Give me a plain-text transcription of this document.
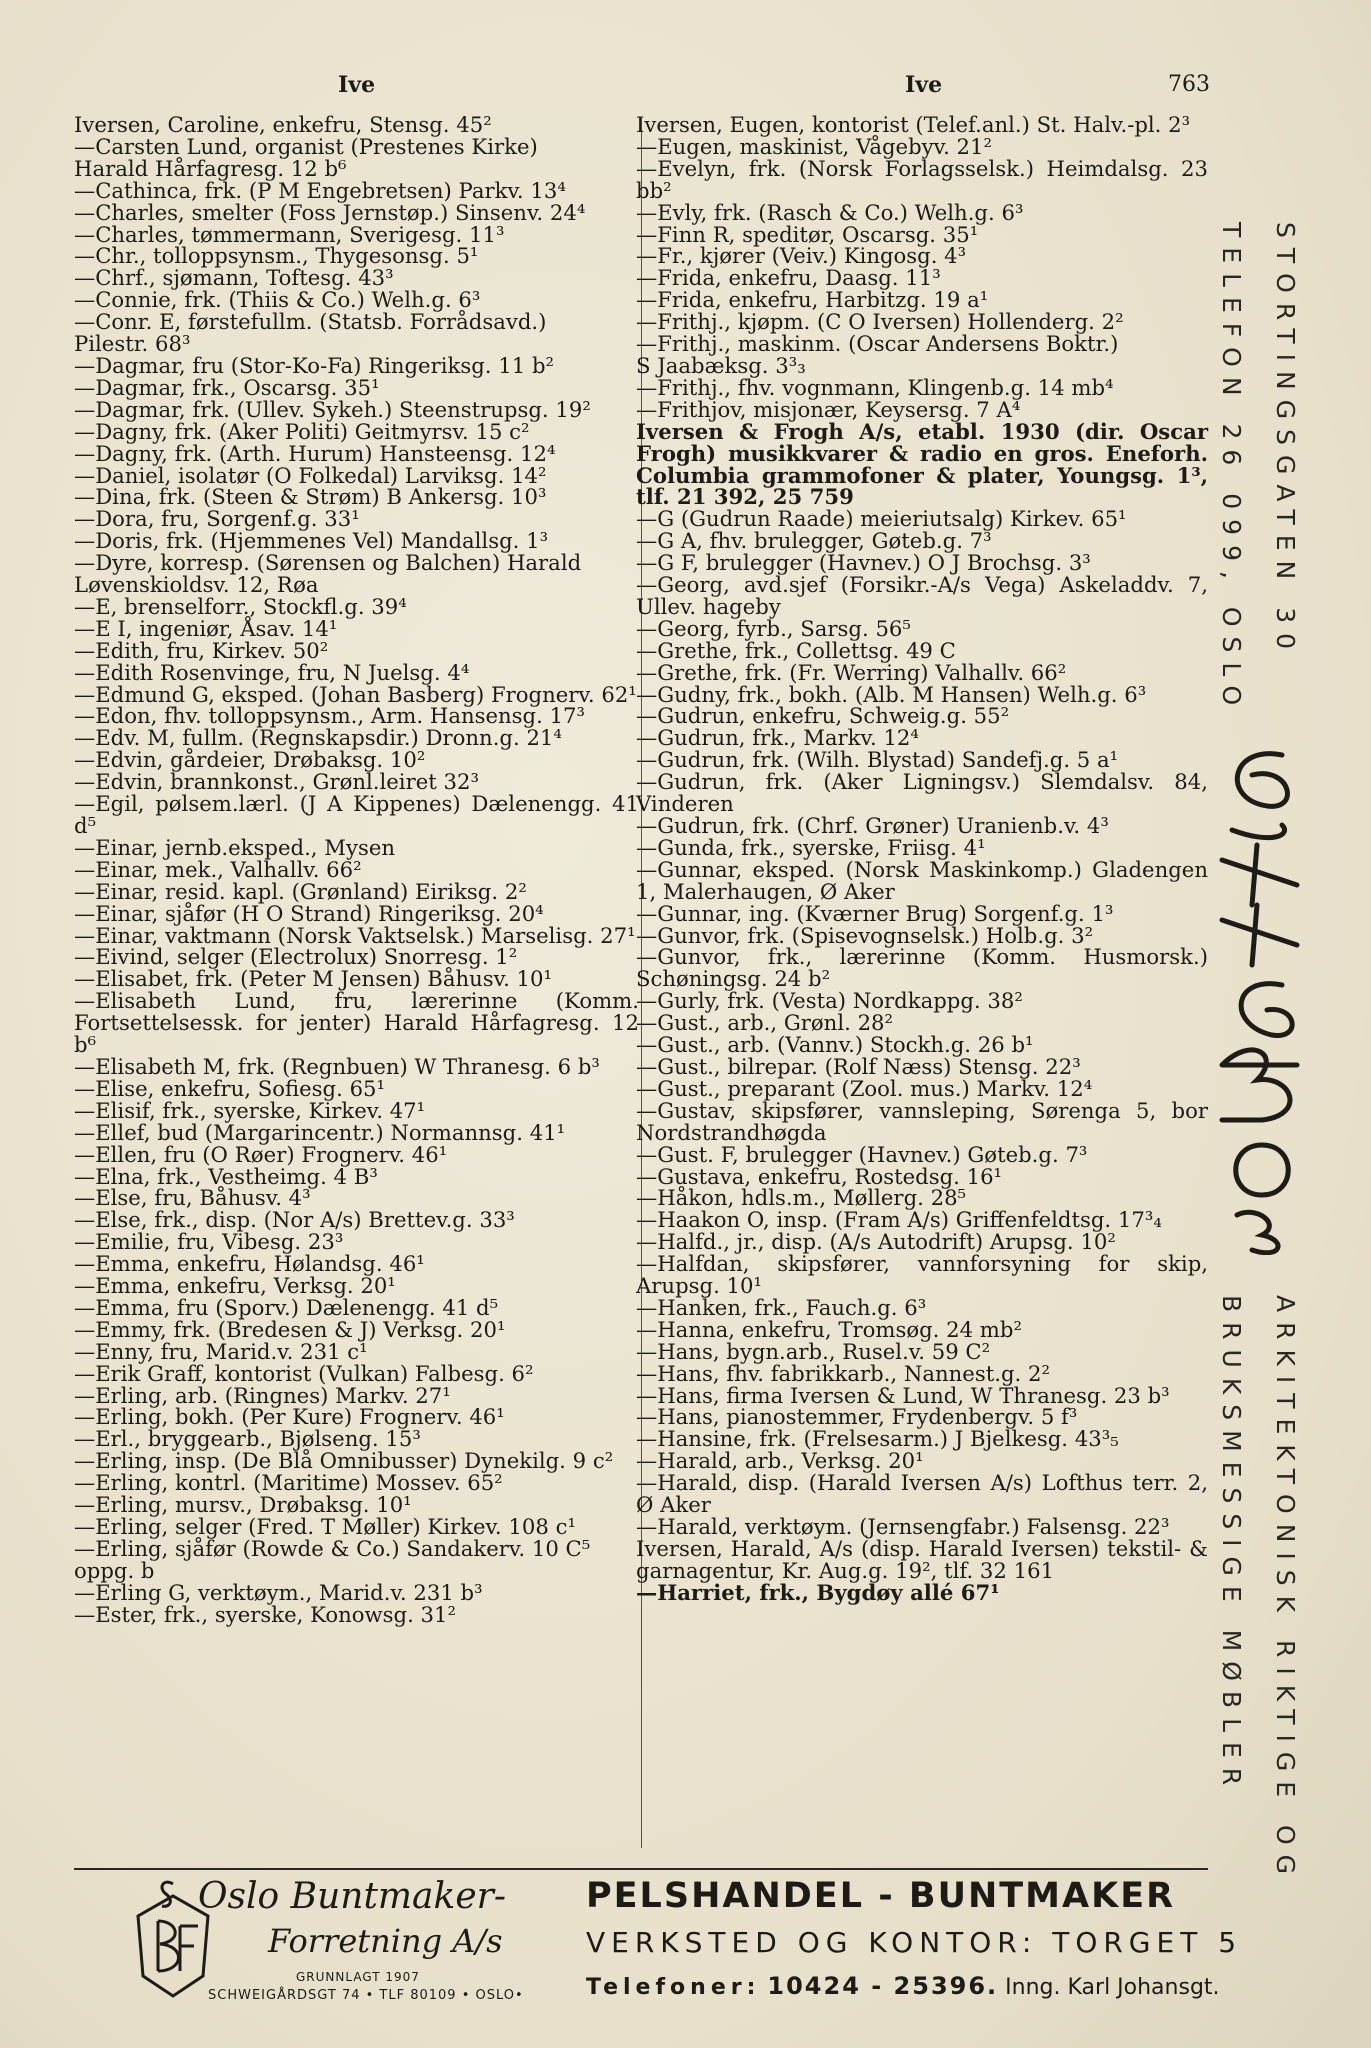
Ive	Ive	763
Iversen, Caroline, enkefru, Stensg. 45²
—Carsten Lund, organist (Prestenes Kirke)
Harald Hårfagresg. 12 b⁶
—Cathinca, frk. (P M Engebretsen) Parkv. 13⁴
—Charles, smelter (Foss Jernstøp.) Sinsenv. 24⁴
—Charles, tømmermann, Sverigesg. 11³
—Chr., tolloppsynsm., Thygesonsg. 5¹
—Chrf., sjømann, Toftesg. 43³
—Connie, frk. (Thiis & Co.) Welh.g. 6³
—Conr. E, førstefullm. (Statsb. Forrådsavd.)
Pilestr. 68³
—Dagmar, fru (Stor-Ko-Fa) Ringeriksg. 11 b²
—Dagmar, frk., Oscarsg. 35¹
—Dagmar, frk. (Ullev. Sykeh.) Steenstrupsg. 19²
—Dagny, frk. (Aker Politi) Geitmyrsv. 15 c²
—Dagny, frk. (Arth. Hurum) Hansteensg. 12⁴
—Daniel, isolatør (O Folkedal) Larviksg. 14²
—Dina, frk. (Steen & Strøm) B Ankersg. 10³
—Dora, fru, Sorgenf.g. 33¹
—Doris, frk. (Hjemmenes Vel) Mandallsg. 1³
—Dyre, korresp. (Sørensen og Balchen) Harald
Løvenskioldsv. 12, Røa
—E, brenselforr., Stockfl.g. 39⁴
—E I, ingeniør, Åsav. 14¹
—Edith, fru, Kirkev. 50²
—Edith Rosenvinge, fru, N Juelsg. 4⁴
—Edmund G, eksped. (Johan Basberg) Frognerv. 62¹
—Edon, fhv. tolloppsynsm., Arm. Hansensg. 17³
—Edv. M, fullm. (Regnskapsdir.) Dronn.g. 21⁴
—Edvin, gårdeier, Drøbaksg. 10²
—Edvin, brannkonst., Grønl.leiret 32³
—Egil, pølsem.lærl. (J A Kippenes) Dælenengg. 41 d⁵
—Einar, jernb.eksped., Mysen
—Einar, mek., Valhallv. 66²
—Einar, resid. kapl. (Grønland) Eiriksg. 2²
—Einar, sjåfør (H O Strand) Ringeriksg. 20⁴
—Einar, vaktmann (Norsk Vaktselsk.) Marselisg. 27¹
—Eivind, selger (Electrolux) Snorresg. 1²
—Elisabet, frk. (Peter M Jensen) Båhusv. 10¹
—Elisabeth Lund, fru, lærerinne (Komm. Fortsettelsessk. for jenter) Harald Hårfagresg. 12 b⁶
—Elisabeth M, frk. (Regnbuen) W Thranesg. 6 b³
—Elise, enkefru, Sofiesg. 65¹
—Elisif, frk., syerske, Kirkev. 47¹
—Ellef, bud (Margarincentr.) Normannsg. 41¹
—Ellen, fru (O Røer) Frognerv. 46¹
—Elna, frk., Vestheimg. 4 B³
—Else, fru, Båhusv. 4³
—Else, frk., disp. (Nor A/s) Brettev.g. 33³
—Emilie, fru, Vibesg. 23³
—Emma, enkefru, Hølandsg. 46¹
—Emma, enkefru, Verksg. 20¹
—Emma, fru (Sporv.) Dælenengg. 41 d⁵
—Emmy, frk. (Bredesen & J) Verksg. 20¹
—Enny, fru, Marid.v. 231 c¹
—Erik Graff, kontorist (Vulkan) Falbesg. 6²
—Erling, arb. (Ringnes) Markv. 27¹
—Erling, bokh. (Per Kure) Frognerv. 46¹
—Erl., bryggearb., Bjølseng. 15³
—Erling, insp. (De Blå Omnibusser) Dynekilg. 9 c²
—Erling, kontrl. (Maritime) Mossev. 65²
—Erling, mursv., Drøbaksg. 10¹
—Erling, selger (Fred. T Møller) Kirkev. 108 c¹
—Erling, sjåfør (Rowde & Co.) Sandakerv. 10 C⁵
oppg. b
—Erling G, verktøym., Marid.v. 231 b³
—Ester, frk., syerske, Konowsg. 31²
Iversen, Eugen, kontorist (Telef.anl.) St. Halv.-pl. 2³
—Eugen, maskinist, Vågebyv. 21²
—Evelyn, frk. (Norsk Forlagsselsk.) Heimdalsg. 23 bb²
—Evly, frk. (Rasch & Co.) Welh.g. 6³
—Finn R, speditør, Oscarsg. 35¹
—Fr., kjører (Veiv.) Kingosg. 4³
—Frida, enkefru, Daasg. 11³
—Frida, enkefru, Harbitzg. 19 a¹
—Frithj., kjøpm. (C O Iversen) Hollenderg. 2²
—Frithj., maskinm. (Oscar Andersens Boktr.)
S Jaabæksg. 3³₃
—Frithj., fhv. vognmann, Klingenb.g. 14 mb⁴
—Frithjov, misjonær, Keysersg. 7 A⁴
Iversen & Frogh A/s, etabl. 1930 (dir. Oscar Frogh) musikkvarer & radio en gros. Eneforh. Columbia grammofoner & plater, Youngsg. 1³, tlf. 21 392, 25 759
—G (Gudrun Raade) meieriutsalg) Kirkev. 65¹
—G A, fhv. brulegger, Gøteb.g. 7³
—G F, brulegger (Havnev.) O J Brochsg. 3³
—Georg, avd.sjef (Forsikr.-A/s Vega) Askeladdv. 7, Ullev. hageby
—Georg, fyrb., Sarsg. 56⁵
—Grethe, frk., Collettsg. 49 C
—Grethe, frk. (Fr. Werring) Valhallv. 66²
—Gudny, frk., bokh. (Alb. M Hansen) Welh.g. 6³
—Gudrun, enkefru, Schweig.g. 55²
—Gudrun, frk., Markv. 12⁴
—Gudrun, frk. (Wilh. Blystad) Sandefj.g. 5 a¹
—Gudrun, frk. (Aker Ligningsv.) Slemdalsv. 84, Vinderen
—Gudrun, frk. (Chrf. Grøner) Uranienb.v. 4³
—Gunda, frk., syerske, Friisg. 4¹
—Gunnar, eksped. (Norsk Maskinkomp.) Gladengen 1, Malerhaugen, Ø Aker
—Gunnar, ing. (Kværner Brug) Sorgenf.g. 1³
—Gunvor, frk. (Spisevognselsk.) Holb.g. 3²
—Gunvor, frk., lærerinne (Komm. Husmorsk.) Schøningsg. 24 b²
—Gurly, frk. (Vesta) Nordkappg. 38²
—Gust., arb., Grønl. 28²
—Gust., arb. (Vannv.) Stockh.g. 26 b¹
—Gust., bilrepar. (Rolf Næss) Stensg. 22³
—Gust., preparant (Zool. mus.) Markv. 12⁴
—Gustav, skipsfører, vannsleping, Sørenga 5, bor Nordstrandhøgda
—Gust. F, brulegger (Havnev.) Gøteb.g. 7³
—Gustava, enkefru, Rostedsg. 16¹
—Håkon, hdls.m., Møllerg. 28⁵
—Haakon O, insp. (Fram A/s) Griffenfeldtsg. 17³₄
—Halfd., jr., disp. (A/s Autodrift) Arupsg. 10²
—Halfdan, skipsfører, vannforsyning for skip, Arupsg. 10¹
—Hanken, frk., Fauch.g. 6³
—Hanna, enkefru, Tromsøg. 24 mb²
—Hans, bygn.arb., Rusel.v. 59 C²
—Hans, fhv. fabrikkarb., Nannest.g. 2²
—Hans, firma Iversen & Lund, W Thranesg. 23 b³
—Hans, pianostemmer, Frydenbergv. 5 f³
—Hansine, frk. (Frelsesarm.) J Bjelkesg. 43³₅
—Harald, arb., Verksg. 20¹
—Harald, disp. (Harald Iversen A/s) Lofthus terr. 2, Ø Aker
—Harald, verktøym. (Jernsengfabr.) Falsensg. 22³
Iversen, Harald, A/s (disp. Harald Iversen) tekstil- & garnagentur, Kr. Aug.g. 19², tlf. 32 161
—Harriet, frk., Bygdøy allé 67¹
STORTINGSGATEN 30
TELEFON 26 099, OSLO
ARKITEKTONISK RIKTIGE OG
BRUKSMESSIGE MØBLER
Oslo Buntmaker-
Forretning A/s
GRUNNLAGT 1907
SCHWEIGÅRDSGT 74 • TLF 80109 • OSLO•
PELSHANDEL - BUNTMAKER
VERKSTED OG KONTOR: TORGET 5
Telefoner: 10424 - 25396. Inng. Karl Johansgt.
